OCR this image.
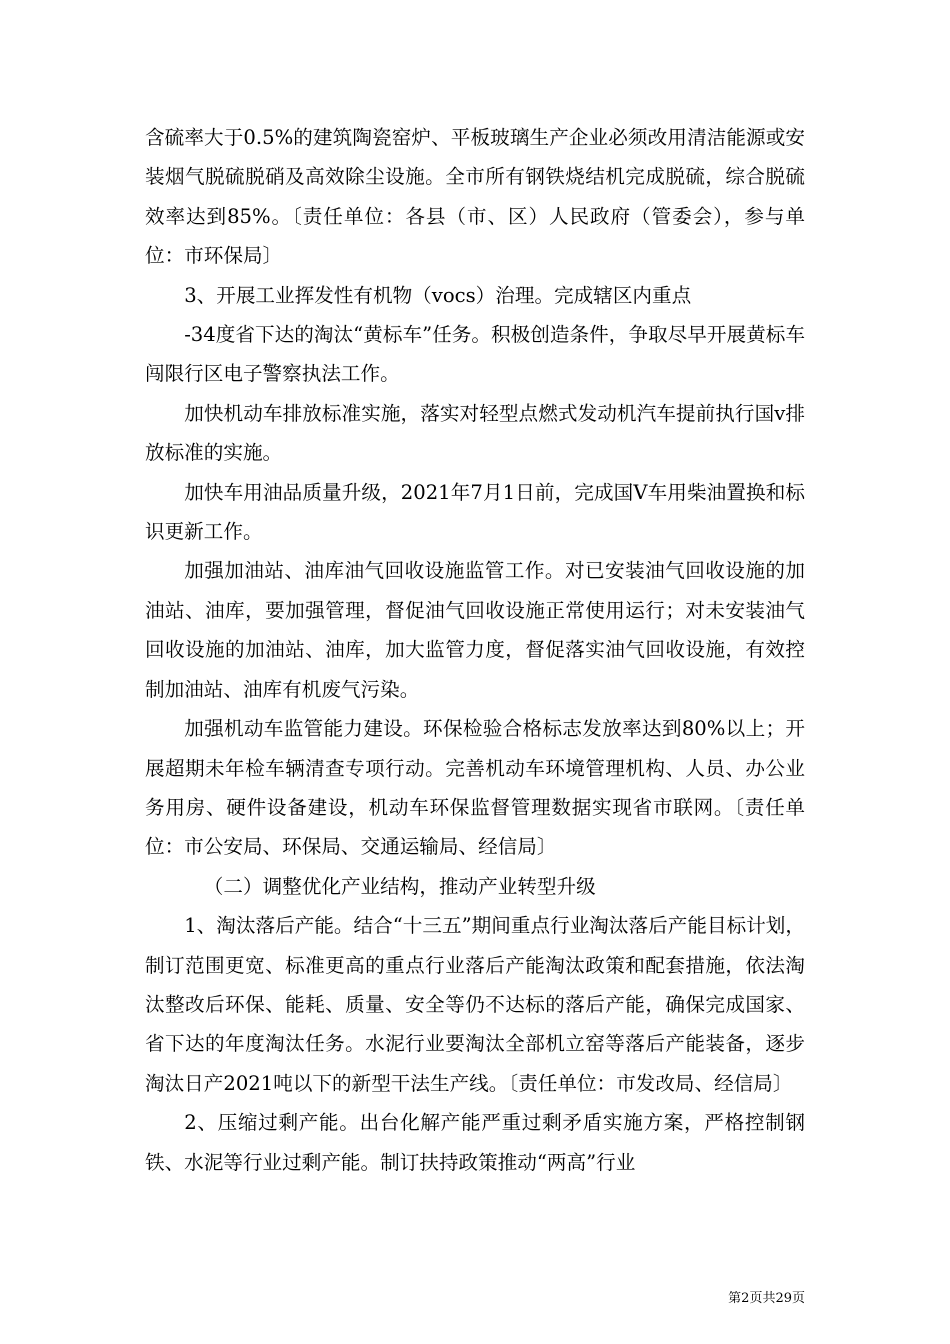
含硫率大于0.5%的建筑陶瓷窑炉、平板玻璃生产企业必须改用清洁能源或安装烟气脱硫脱硝及高效除尘设施。全市所有钢铁烧结机完成脱硫，综合脱硫效率达到85%。〔责任单位：各县（市、区）人民政府（管委会），参与单位：市环保局〕

3、开展工业挥发性有机物（vocs）治理。完成辖区内重点

-34度省下达的淘汰“黄标车”任务。积极创造条件，争取尽早开展黄标车闯限行区电子警察执法工作。

加快机动车排放标准实施，落实对轻型点燃式发动机汽车提前执行国v排放标准的实施。

加快车用油品质量升级，2021年7月1日前，完成国Ⅴ车用柴油置换和标识更新工作。

加强加油站、油库油气回收设施监管工作。对已安装油气回收设施的加油站、油库，要加强管理，督促油气回收设施正常使用运行；对未安装油气回收设施的加油站、油库，加大监管力度，督促落实油气回收设施，有效控制加油站、油库有机废气污染。

加强机动车监管能力建设。环保检验合格标志发放率达到80%以上；开展超期未年检车辆清查专项行动。完善机动车环境管理机构、人员、办公业务用房、硬件设备建设，机动车环保监督管理数据实现省市联网。〔责任单位：市公安局、环保局、交通运输局、经信局〕

（二）调整优化产业结构，推动产业转型升级

1、淘汰落后产能。结合“十三五”期间重点行业淘汰落后产能目标计划，制订范围更宽、标准更高的重点行业落后产能淘汰政策和配套措施，依法淘汰整改后环保、能耗、质量、安全等仍不达标的落后产能，确保完成国家、省下达的年度淘汰任务。水泥行业要淘汰全部机立窑等落后产能装备，逐步淘汰日产2021吨以下的新型干法生产线。〔责任单位：市发改局、经信局〕

2、压缩过剩产能。出台化解产能严重过剩矛盾实施方案，严格控制钢铁、水泥等行业过剩产能。制订扶持政策推动“两高”行业

第2页共29页
